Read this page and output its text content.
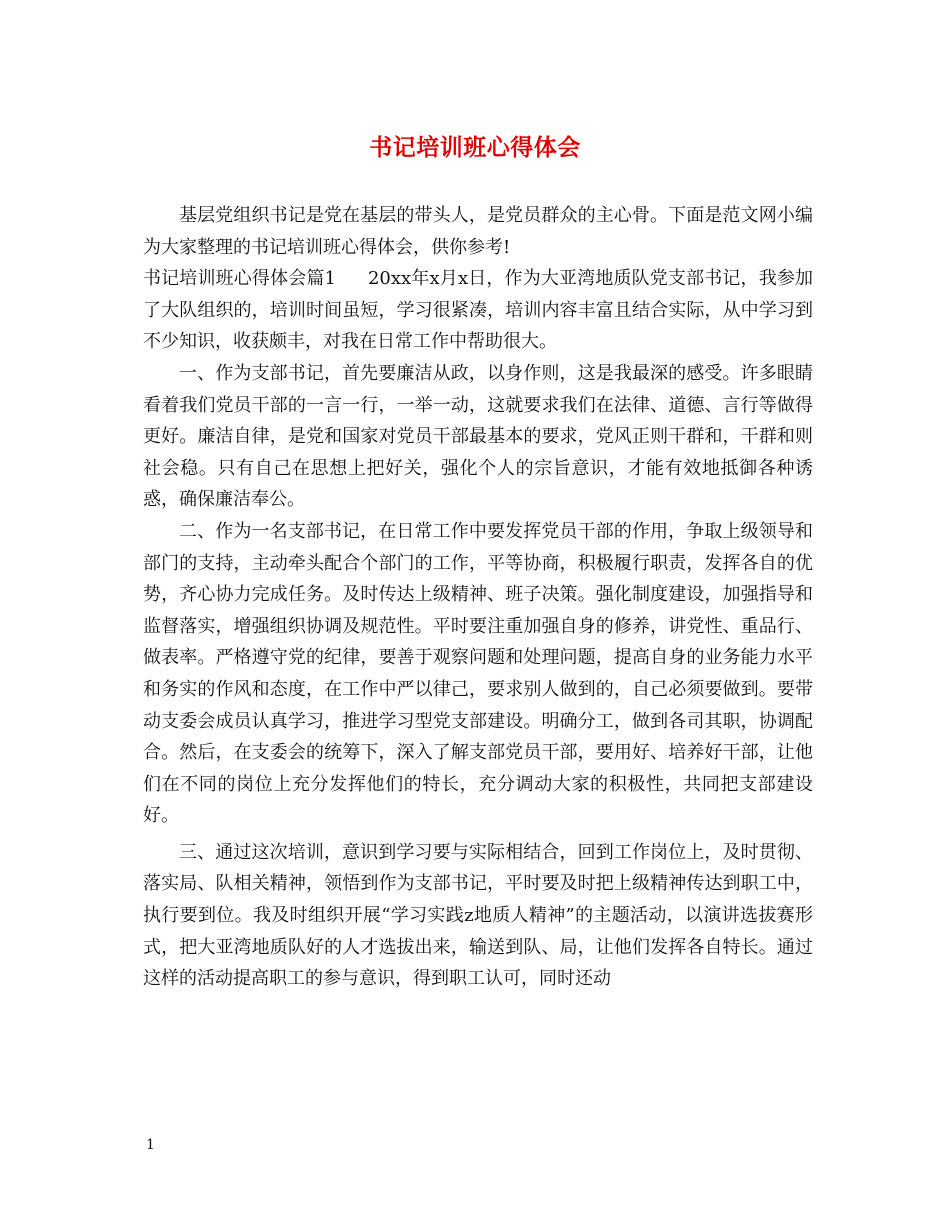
书记培训班心得体会

基层党组织书记是党在基层的带头人，是党员群众的主心骨。下面是范文网小编为大家整理的书记培训班心得体会，供你参考!

书记培训班心得体会篇1 20xx年x月x日，作为大亚湾地质队党支部书记，我参加了大队组织的，培训时间虽短，学习很紧凑，培训内容丰富且结合实际，从中学习到不少知识，收获颇丰，对我在日常工作中帮助很大。

一、作为支部书记，首先要廉洁从政，以身作则，这是我最深的感受。许多眼睛看着我们党员干部的一言一行，一举一动，这就要求我们在法律、道德、言行等做得更好。廉洁自律，是党和国家对党员干部最基本的要求，党风正则干群和，干群和则社会稳。只有自己在思想上把好关，强化个人的宗旨意识，才能有效地抵御各种诱惑，确保廉洁奉公。

二、作为一名支部书记，在日常工作中要发挥党员干部的作用，争取上级领导和部门的支持，主动牵头配合个部门的工作，平等协商，积极履行职责，发挥各自的优势，齐心协力完成任务。及时传达上级精神、班子决策。强化制度建设，加强指导和监督落实，增强组织协调及规范性。平时要注重加强自身的修养，讲党性、重品行、做表率。严格遵守党的纪律，要善于观察问题和处理问题，提高自身的业务能力水平和务实的作风和态度，在工作中严以律己，要求别人做到的，自己必须要做到。要带动支委会成员认真学习，推进学习型党支部建设。明确分工，做到各司其职，协调配合。然后，在支委会的统筹下，深入了解支部党员干部，要用好、培养好干部，让他们在不同的岗位上充分发挥他们的特长，充分调动大家的积极性，共同把支部建设好。

三、通过这次培训，意识到学习要与实际相结合，回到工作岗位上，及时贯彻、落实局、队相关精神，领悟到作为支部书记，平时要及时把上级精神传达到职工中，执行要到位。我及时组织开展“学习实践z地质人精神”的主题活动，以演讲选拔赛形式，把大亚湾地质队好的人才选拔出来，输送到队、局，让他们发挥各自特长。通过这样的活动提高职工的参与意识，得到职工认可，同时还动

1
